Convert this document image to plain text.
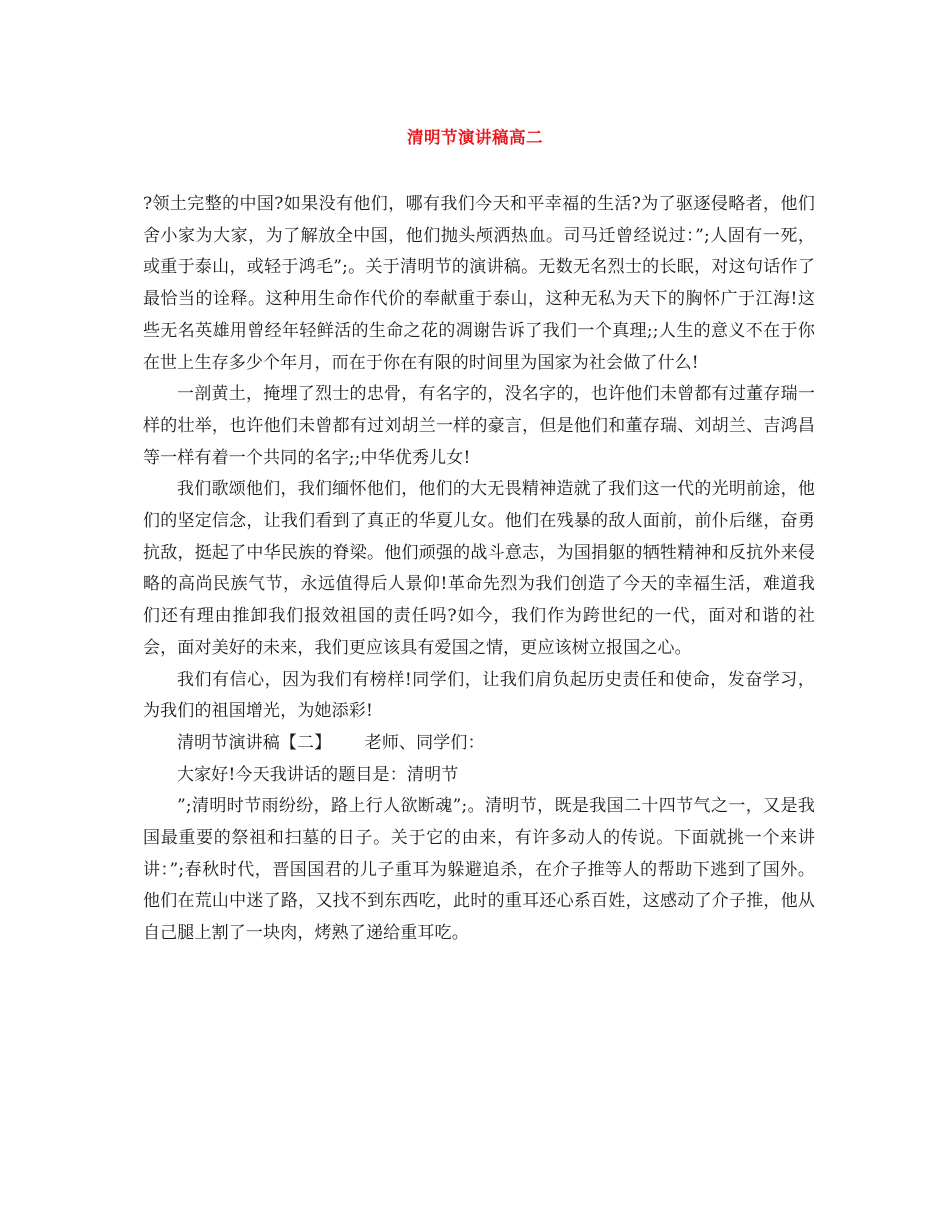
清明节演讲稿高二

?领土完整的中国?如果没有他们，哪有我们今天和平幸福的生活?为了驱逐侵略者，他们舍小家为大家，为了解放全中国，他们抛头颅洒热血。司马迁曾经说过：”;人固有一死，或重于泰山，或轻于鸿毛”;。关于清明节的演讲稿。无数无名烈士的长眠，对这句话作了最恰当的诠释。这种用生命作代价的奉献重于泰山，这种无私为天下的胸怀广于江海!这些无名英雄用曾经年轻鲜活的生命之花的凋谢告诉了我们一个真理;;人生的意义不在于你在世上生存多少个年月，而在于你在有限的时间里为国家为社会做了什么!

一剖黄土，掩埋了烈士的忠骨，有名字的，没名字的，也许他们未曾都有过董存瑞一样的壮举，也许他们未曾都有过刘胡兰一样的豪言，但是他们和董存瑞、刘胡兰、吉鸿昌等一样有着一个共同的名字;;中华优秀儿女!

我们歌颂他们，我们缅怀他们，他们的大无畏精神造就了我们这一代的光明前途，他们的坚定信念，让我们看到了真正的华夏儿女。他们在残暴的敌人面前，前仆后继，奋勇抗敌，挺起了中华民族的脊梁。他们顽强的战斗意志，为国捐躯的牺牲精神和反抗外来侵略的高尚民族气节，永远值得后人景仰!革命先烈为我们创造了今天的幸福生活，难道我们还有理由推卸我们报效祖国的责任吗?如今，我们作为跨世纪的一代，面对和谐的社会，面对美好的未来，我们更应该具有爱国之情，更应该树立报国之心。

我们有信心，因为我们有榜样!同学们，让我们肩负起历史责任和使命，发奋学习，为我们的祖国增光，为她添彩!

清明节演讲稿【二】      老师、同学们：

大家好!今天我讲话的题目是：清明节

”;清明时节雨纷纷，路上行人欲断魂”;。清明节，既是我国二十四节气之一，又是我国最重要的祭祖和扫墓的日子。关于它的由来，有许多动人的传说。下面就挑一个来讲讲：”;春秋时代，晋国国君的儿子重耳为躲避追杀，在介子推等人的帮助下逃到了国外。他们在荒山中迷了路，又找不到东西吃，此时的重耳还心系百姓，这感动了介子推，他从自己腿上割了一块肉，烤熟了递给重耳吃。
